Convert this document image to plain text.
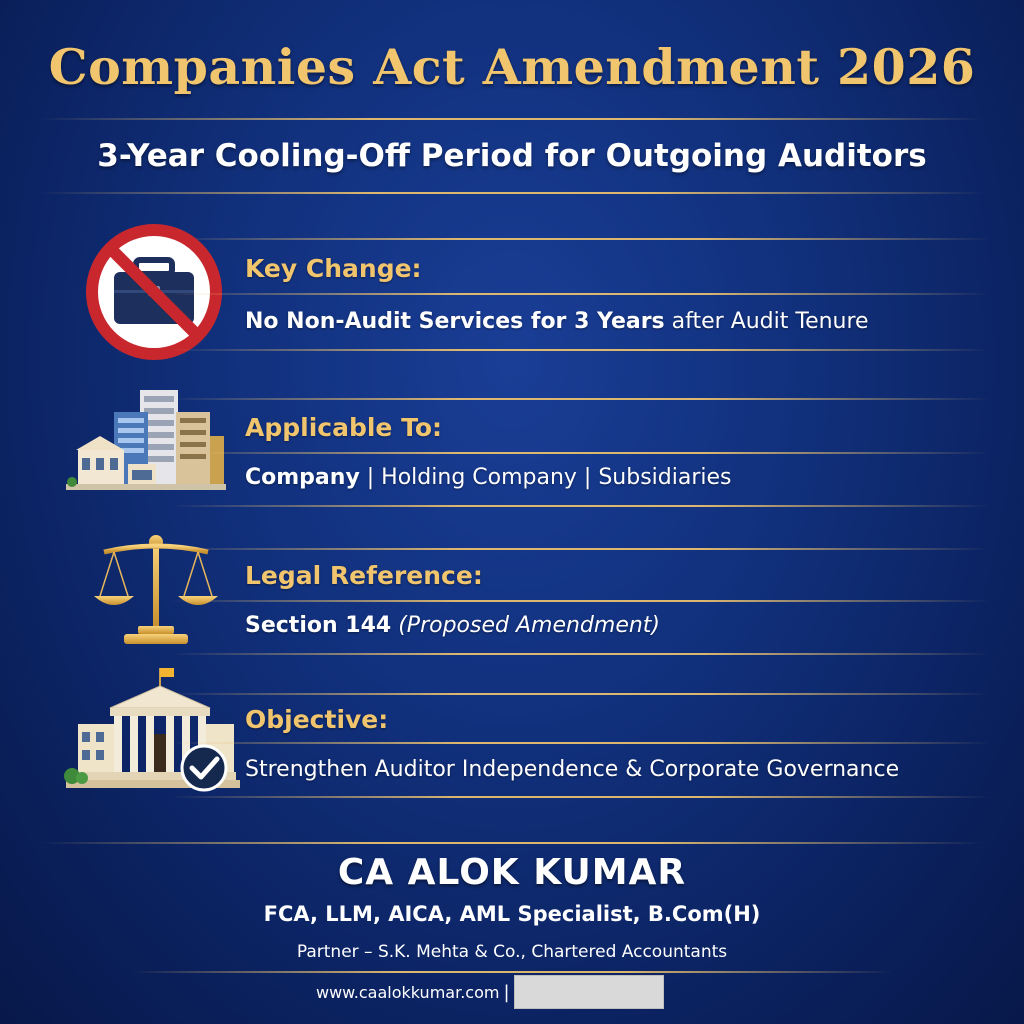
Companies Act Amendment 2026
3-Year Cooling-Off Period for Outgoing Auditors
Key Change:
No Non-Audit Services for 3 Years after Audit Tenure
Applicable To:
Company | Holding Company | Subsidiaries
Legal Reference:
Section 144 (Proposed Amendment)
Objective:
Strengthen Auditor Independence & Corporate Governance
CA ALOK KUMAR
FCA, LLM, AICA, AML Specialist, B.Com(H)
Partner – S.K. Mehta & Co., Chartered Accountants
www.caalokkumar.com |
